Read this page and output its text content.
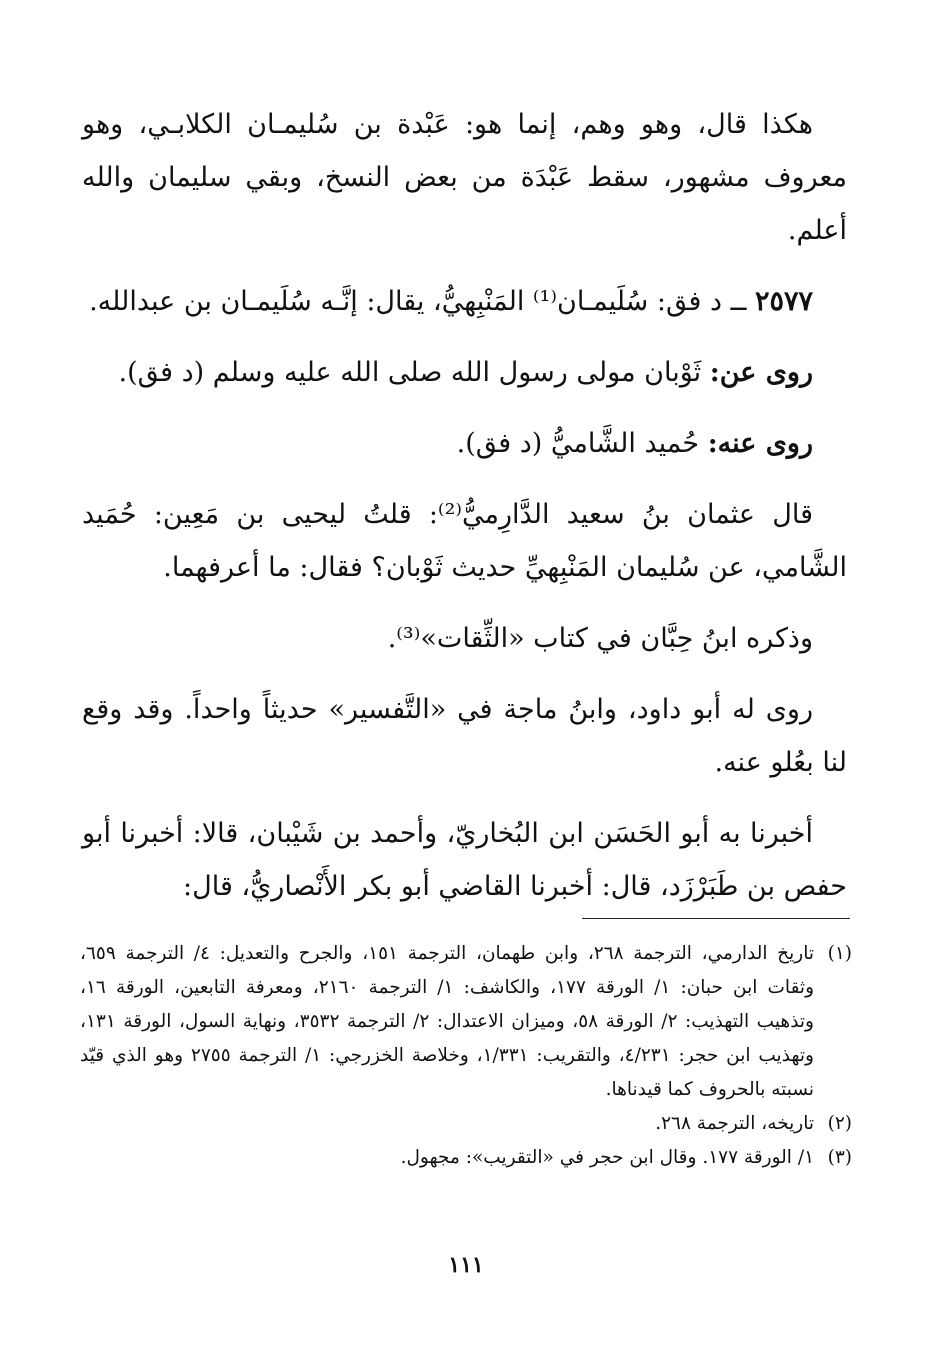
هكذا قال، وهو وهم، إنما هو: عَبْدة بن سُليمـان الكلابـي، وهو معروف مشهور، سقط عَبْدَة من بعض النسخ، وبقي سليمان والله أعلم.

٢٥٧٧ ــ د فق: سُلَيمـان⁽¹⁾ المَنْبِهيُّ، يقال: إنَّـه سُلَيمـان بن عبدالله.

روى عن: ثَوْبان مولى رسول الله صلى الله عليه وسلم (د فق).

روى عنه: حُميد الشَّاميُّ (د فق).

قال عثمان بنُ سعيد الدَّارِميُّ⁽²⁾: قلتُ ليحيى بن مَعِين: حُمَيد الشَّامي، عن سُليمان المَنْبِهيِّ حديث ثَوْبان؟ فقال: ما أعرفهما.

وذكره ابنُ حِبَّان في كتاب «الثِّقات»⁽³⁾.

روى له أبو داود، وابنُ ماجة في «التَّفسير» حديثاً واحداً. وقد وقع لنا بعُلو عنه.

أخبرنا به أبو الحَسَن ابن البُخاريّ، وأحمد بن شَيْبان، قالا: أخبرنا أبو حفص بن طَبَرْزَد، قال: أخبرنا القاضي أبو بكر الأَنْصاريُّ، قال:

(١)
تاريخ الدارمي، الترجمة ٢٦٨، وابن طهمان، الترجمة ١٥١، والجرح والتعديل: ٤/ الترجمة ٦٥٩، وثقات ابن حبان: ١/ الورقة ١٧٧، والكاشف: ١/ الترجمة ٢١٦٠، ومعرفة التابعين، الورقة ١٦، وتذهيب التهذيب: ٢/ الورقة ٥٨، وميزان الاعتدال: ٢/ الترجمة ٣٥٣٢، ونهاية السول، الورقة ١٣١، وتهذيب ابن حجر: ٤/٢٣١، والتقريب: ١/٣٣١، وخلاصة الخزرجي: ١/ الترجمة ٢٧٥٥ وهو الذي قيّد نسبته بالحروف كما قيدناها.
(٢)
تاريخه، الترجمة ٢٦٨.
(٣)
١/ الورقة ١٧٧. وقال ابن حجر في «التقريب»: مجهول.
١١١
